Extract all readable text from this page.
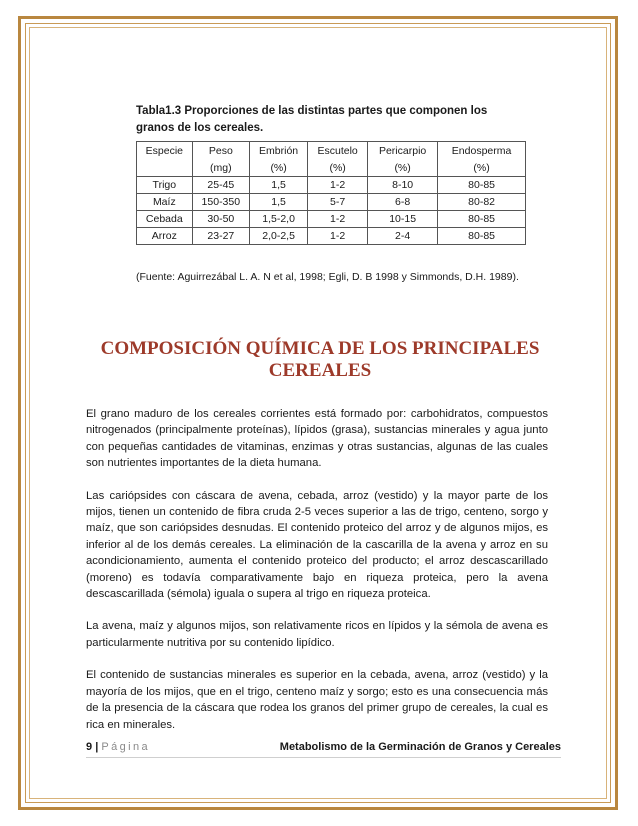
Tabla1.3 Proporciones de las distintas partes que componen los granos de los cereales.

Especie	Peso	Embrión	Escutelo	Pericarpio	Endosperma
	(mg)	(%)	(%)	(%)	(%)
Trigo	25-45	1,5	1-2	8-10	80-85
Maíz	150-350	1,5	5-7	6-8	80-82
Cebada	30-50	1,5-2,0	1-2	10-15	80-85
Arroz	23-27	2,0-2,5	1-2	2-4	80-85
(Fuente: Aguirrezábal L. A. N et al, 1998; Egli, D. B 1998 y Simmonds, D.H. 1989).
COMPOSICIÓN QUÍMICA DE LOS PRINCIPALES CEREALES

El grano maduro de los cereales corrientes está formado por: carbohidratos, compuestos nitrogenados (principalmente proteínas), lípidos (grasa), sustancias minerales y agua junto con pequeñas cantidades de vitaminas, enzimas y otras sustancias, algunas de las cuales son nutrientes importantes de la dieta humana.

Las cariópsides con cáscara de avena, cebada, arroz (vestido) y la mayor parte de los mijos, tienen un contenido de fibra cruda 2-5 veces superior a las de trigo, centeno, sorgo y maíz, que son cariópsides desnudas. El contenido proteico del arroz y de algunos mijos, es inferior al de los demás cereales. La eliminación de la cascarilla de la avena y arroz en su acondicionamiento, aumenta el contenido proteico del producto; el arroz descascarillado (moreno) es todavía comparativamente bajo en riqueza proteica, pero la avena descascarillada (sémola) iguala o supera al trigo en riqueza proteica.

La avena, maíz y algunos mijos, son relativamente ricos en lípidos y la sémola de avena es particularmente nutritiva por su contenido lipídico.

El contenido de sustancias minerales es superior en la cebada, avena, arroz (vestido) y la mayoría de los mijos, que en el trigo, centeno maíz y sorgo; esto es una consecuencia más de la presencia de la cáscara que rodea los granos del primer grupo de cereales, la cual es rica en minerales.

9 | Página	Metabolismo de la Germinación de Granos y Cereales
